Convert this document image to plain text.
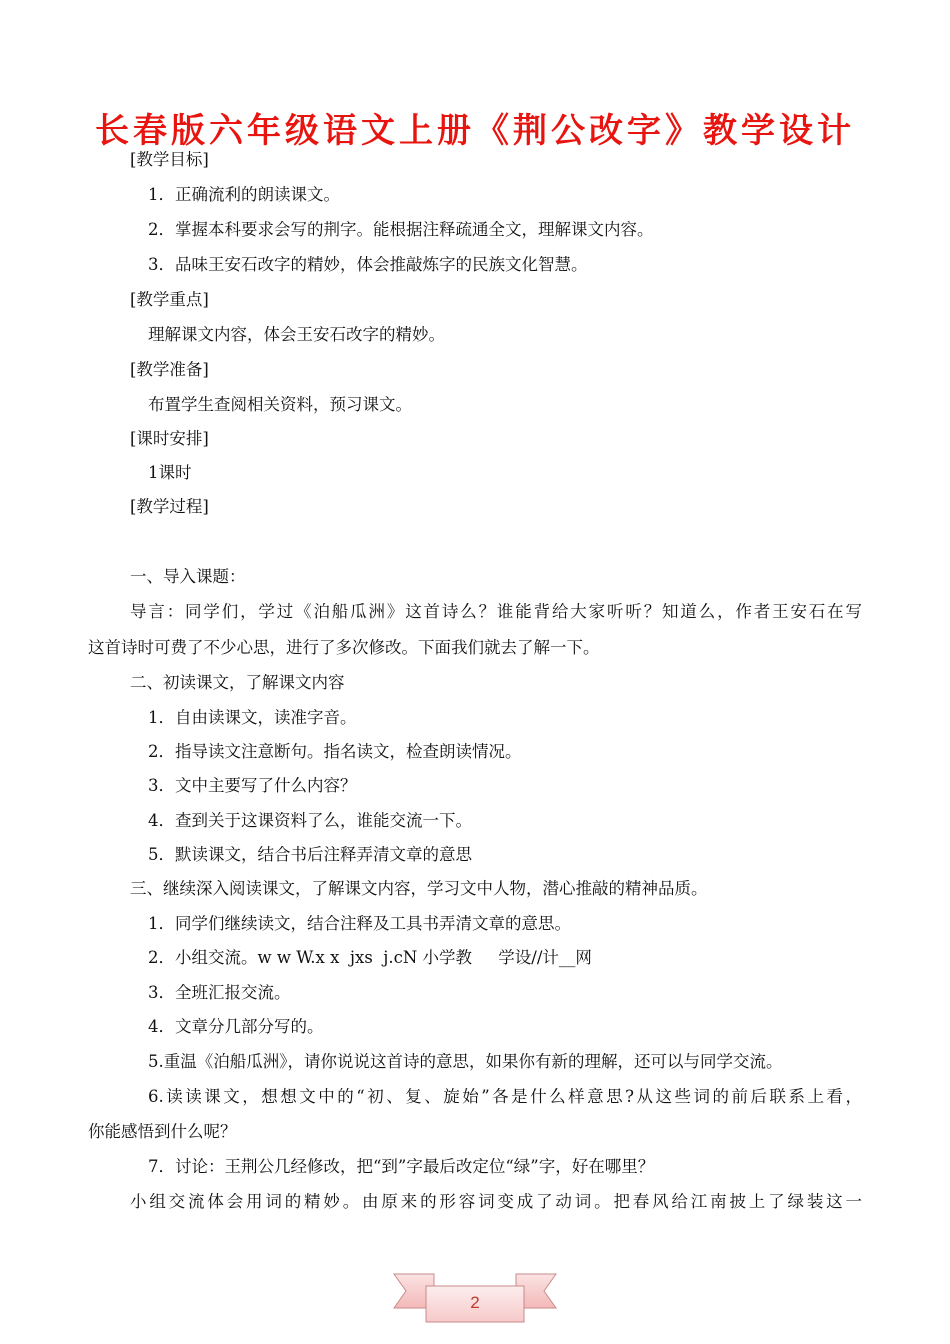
长春版六年级语文上册《荆公改字》教学设计
[教学目标]
1．正确流利的朗读课文。
2．掌握本科要求会写的荆字。能根据注释疏通全文，理解课文内容。
3．品味王安石改字的精妙，体会推敲炼字的民族文化智慧。
[教学重点]
理解课文内容，体会王安石改字的精妙。
[教学准备]
布置学生查阅相关资料，预习课文。
[课时安排]
1课时
[教学过程]
一、导入课题：
导言：同学们，学过《泊船瓜洲》这首诗么？谁能背给大家听听？知道么，作者王安石在写
这首诗时可费了不少心思，进行了多次修改。下面我们就去了解一下。
二、初读课文，了解课文内容
1．自由读课文，读准字音。
2．指导读文注意断句。指名读文，检查朗读情况。
3．文中主要写了什么内容？
4．查到关于这课资料了么，谁能交流一下。
5．默读课文，结合书后注释弄清文章的意思
三、继续深入阅读课文，了解课文内容，学习文中人物，潜心推敲的精神品质。
1．同学们继续读文，结合注释及工具书弄清文章的意思。
2．小组交流。w w W.x x  jxs  j.cN 小学教     学设//计__网
3．全班汇报交流。
4．文章分几部分写的。
5.重温《泊船瓜洲》，请你说说这首诗的意思，如果你有新的理解，还可以与同学交流。
6.读读课文，想想文中的“初、复、旋始”各是什么样意思?从这些词的前后联系上看，
你能感悟到什么呢？
7．讨论：王荆公几经修改，把“到”字最后改定位“绿”字，好在哪里？
小组交流体会用词的精妙。由原来的形容词变成了动词。把春风给江南披上了绿装这一
2
